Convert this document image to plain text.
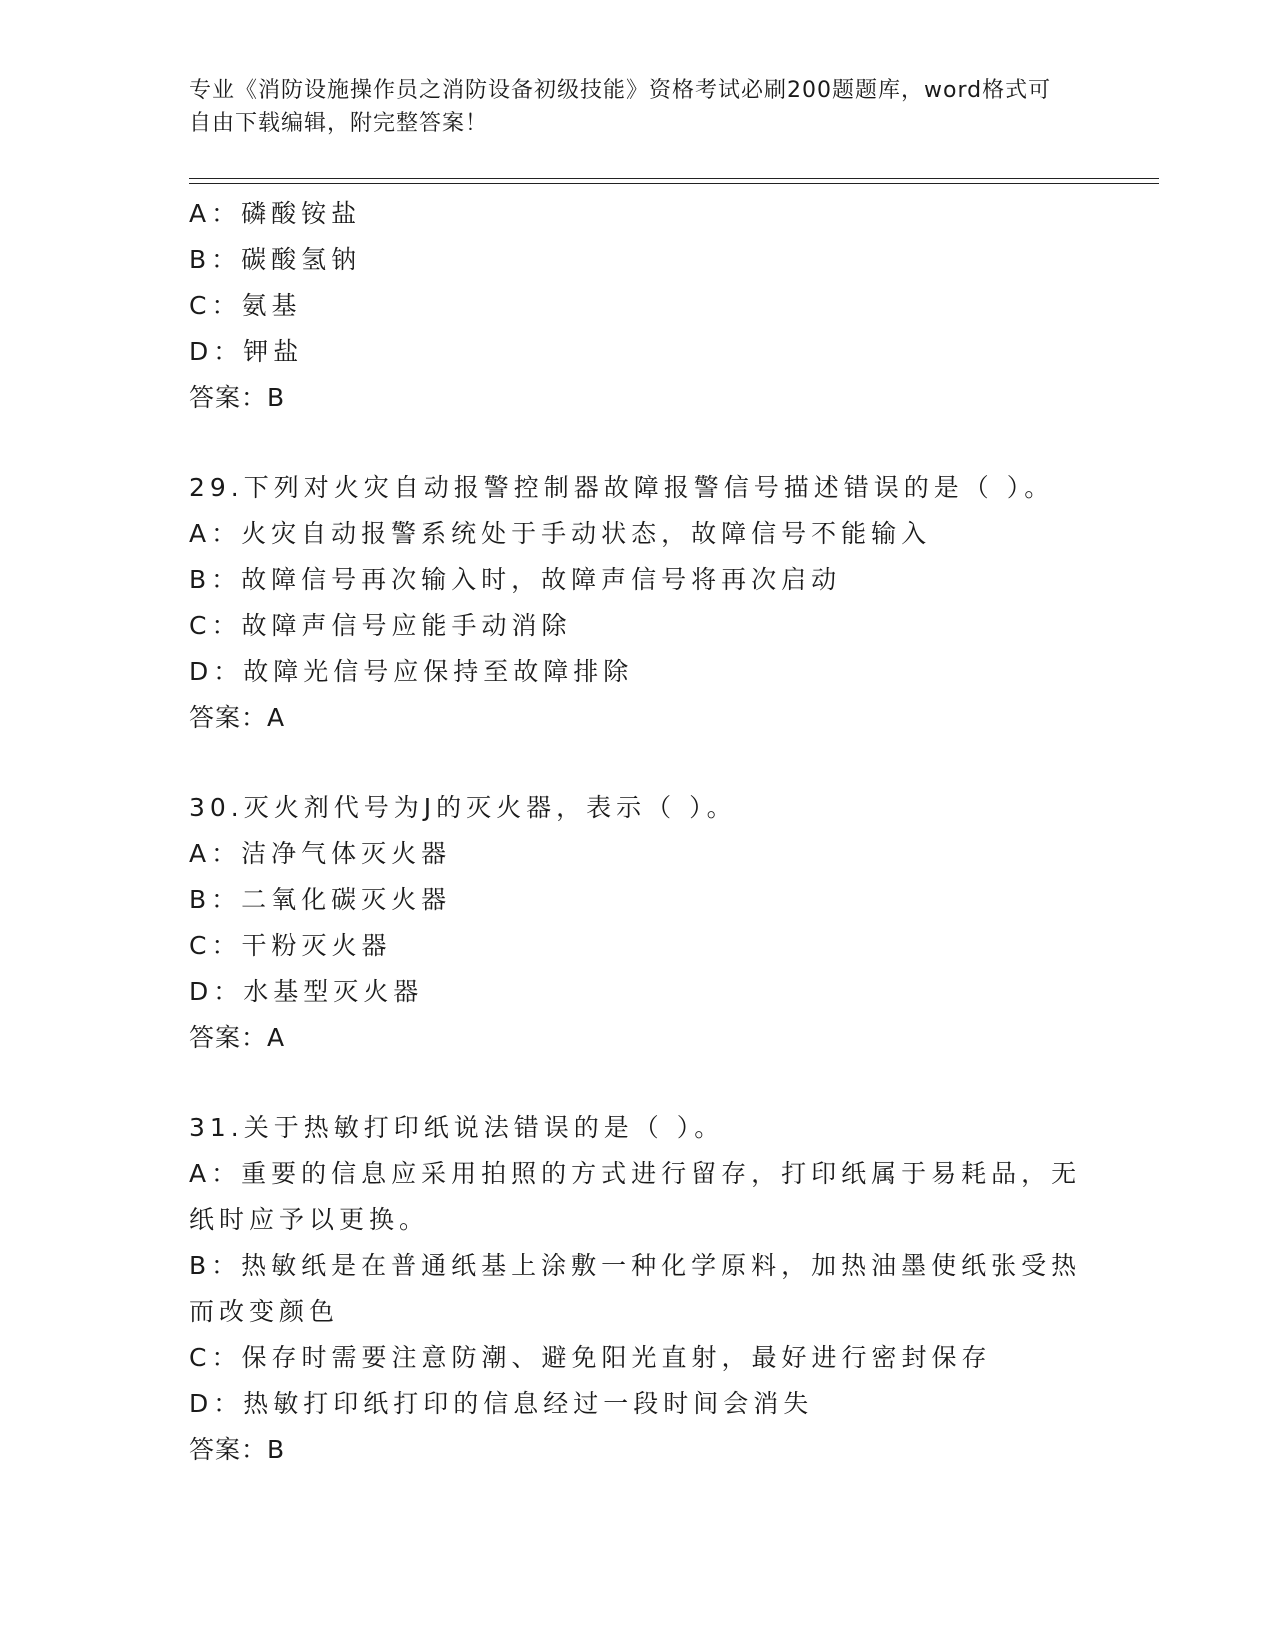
专业《消防设施操作员之消防设备初级技能》资格考试必刷200题题库，word格式可自由下载编辑，附完整答案！
A：磷酸铵盐
B：碳酸氢钠
C：氨基
D：钾盐
答案：B
29.下列对火灾自动报警控制器故障报警信号描述错误的是（ ）。
A：火灾自动报警系统处于手动状态，故障信号不能输入
B：故障信号再次输入时，故障声信号将再次启动
C：故障声信号应能手动消除
D：故障光信号应保持至故障排除
答案：A
30.灭火剂代号为J的灭火器，表示（ ）。
A：洁净气体灭火器
B：二氧化碳灭火器
C：干粉灭火器
D：水基型灭火器
答案：A
31.关于热敏打印纸说法错误的是（ ）。
A：重要的信息应采用拍照的方式进行留存，打印纸属于易耗品，无纸时应予以更换。
B：热敏纸是在普通纸基上涂敷一种化学原料，加热油墨使纸张受热而改变颜色
C：保存时需要注意防潮、避免阳光直射，最好进行密封保存
D：热敏打印纸打印的信息经过一段时间会消失
答案：B
